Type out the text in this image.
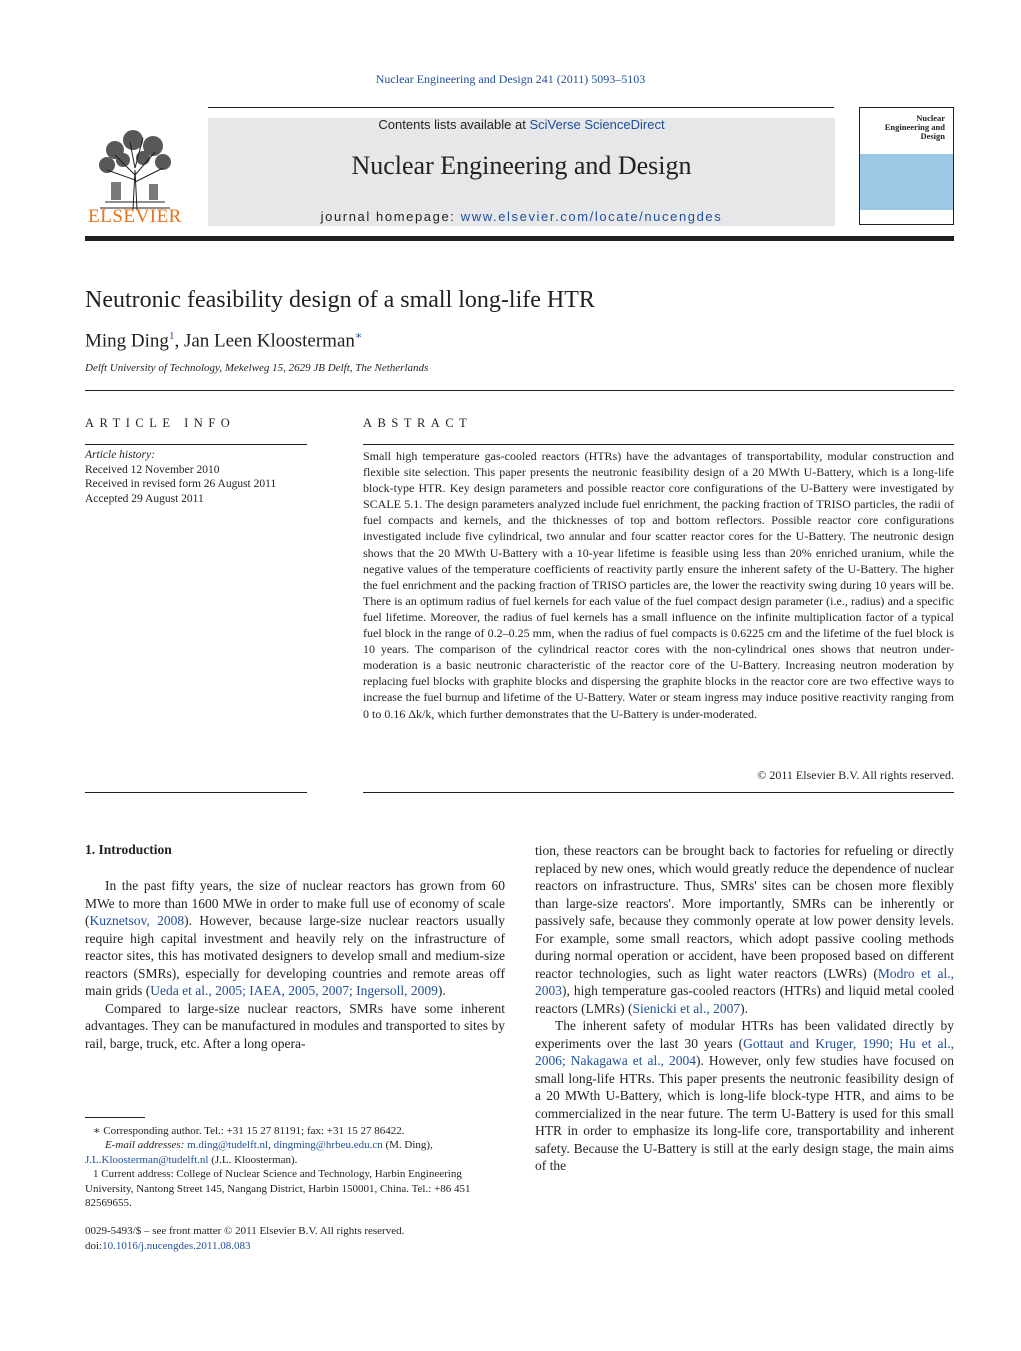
Nuclear Engineering and Design 241 (2011) 5093–5103
ELSEVIER
Contents lists available at SciVerse ScienceDirect
Nuclear Engineering and Design
journal homepage: www.elsevier.com/locate/nucengdes
Nuclear Engineering and Design
Neutronic feasibility design of a small long-life HTR
Ming Ding$^1$, Jan Leen Kloosterman∗
Delft University of Technology, Mekelweg 15, 2629 JB Delft, The Netherlands
ARTICLE INFO
Article history:
Received 12 November 2010
Received in revised form 26 August 2011
Accepted 29 August 2011
ABSTRACT
Small high temperature gas-cooled reactors (HTRs) have the advantages of transportability, modular construction and flexible site selection. This paper presents the neutronic feasibility design of a 20 MWth U-Battery, which is a long-life block-type HTR. Key design parameters and possible reactor core configurations of the U-Battery were investigated by SCALE 5.1. The design parameters analyzed include fuel enrichment, the packing fraction of TRISO particles, the radii of fuel compacts and kernels, and the thicknesses of top and bottom reflectors. Possible reactor core configurations investigated include five cylindrical, two annular and four scatter reactor cores for the U-Battery. The neutronic design shows that the 20 MWth U-Battery with a 10-year lifetime is feasible using less than 20% enriched uranium, while the negative values of the temperature coefficients of reactivity partly ensure the inherent safety of the U-Battery. The higher the fuel enrichment and the packing fraction of TRISO particles are, the lower the reactivity swing during 10 years will be. There is an optimum radius of fuel kernels for each value of the fuel compact design parameter (i.e., radius) and a specific fuel lifetime. Moreover, the radius of fuel kernels has a small influence on the infinite multiplication factor of a typical fuel block in the range of 0.2–0.25 mm, when the radius of fuel compacts is 0.6225 cm and the lifetime of the fuel block is 10 years. The comparison of the cylindrical reactor cores with the non-cylindrical ones shows that neutron under-moderation is a basic neutronic characteristic of the reactor core of the U-Battery. Increasing neutron moderation by replacing fuel blocks with graphite blocks and dispersing the graphite blocks in the reactor core are two effective ways to increase the fuel burnup and lifetime of the U-Battery. Water or steam ingress may induce positive reactivity ranging from 0 to 0.16 Δk/k, which further demonstrates that the U-Battery is under-moderated.
© 2011 Elsevier B.V. All rights reserved.
1. Introduction

In the past fifty years, the size of nuclear reactors has grown from 60 MWe to more than 1600 MWe in order to make full use of economy of scale (Kuznetsov, 2008). However, because large-size nuclear reactors usually require high capital investment and heavily rely on the infrastructure of reactor sites, this has motivated designers to develop small and medium-size reactors (SMRs), especially for developing countries and remote areas off main grids (Ueda et al., 2005; IAEA, 2005, 2007; Ingersoll, 2009).

Compared to large-size nuclear reactors, SMRs have some inherent advantages. They can be manufactured in modules and transported to sites by rail, barge, truck, etc. After a long opera-

tion, these reactors can be brought back to factories for refueling or directly replaced by new ones, which would greatly reduce the dependence of nuclear reactors on infrastructure. Thus, SMRs' sites can be chosen more flexibly than large-size reactors'. More importantly, SMRs can be inherently or passively safe, because they commonly operate at low power density levels. For example, some small reactors, which adopt passive cooling methods during normal operation or accident, have been proposed based on different reactor technologies, such as light water reactors (LWRs) (Modro et al., 2003), high temperature gas-cooled reactors (HTRs) and liquid metal cooled reactors (LMRs) (Sienicki et al., 2007).

The inherent safety of modular HTRs has been validated directly by experiments over the last 30 years (Gottaut and Kruger, 1990; Hu et al., 2006; Nakagawa et al., 2004). However, only few studies have focused on small long-life HTRs. This paper presents the neutronic feasibility design of a 20 MWth U-Battery, which is long-life block-type HTR, and aims to be commercialized in the near future. The term U-Battery is used for this small HTR in order to emphasize its long-life core, transportability and inherent safety. Because the U-Battery is still at the early design stage, the main aims of the

∗ Corresponding author. Tel.: +31 15 27 81191; fax: +31 15 27 86422.

E-mail addresses: m.ding@tudelft.nl, dingming@hrbeu.edu.cn (M. Ding),
J.L.Kloosterman@tudelft.nl (J.L. Kloosterman).

1 Current address: College of Nuclear Science and Technology, Harbin Engineering University, Nantong Street 145, Nangang District, Harbin 150001, China. Tel.: +86 451 82569655.

0029-5493/$ – see front matter © 2011 Elsevier B.V. All rights reserved.
doi:10.1016/j.nucengdes.2011.08.083
